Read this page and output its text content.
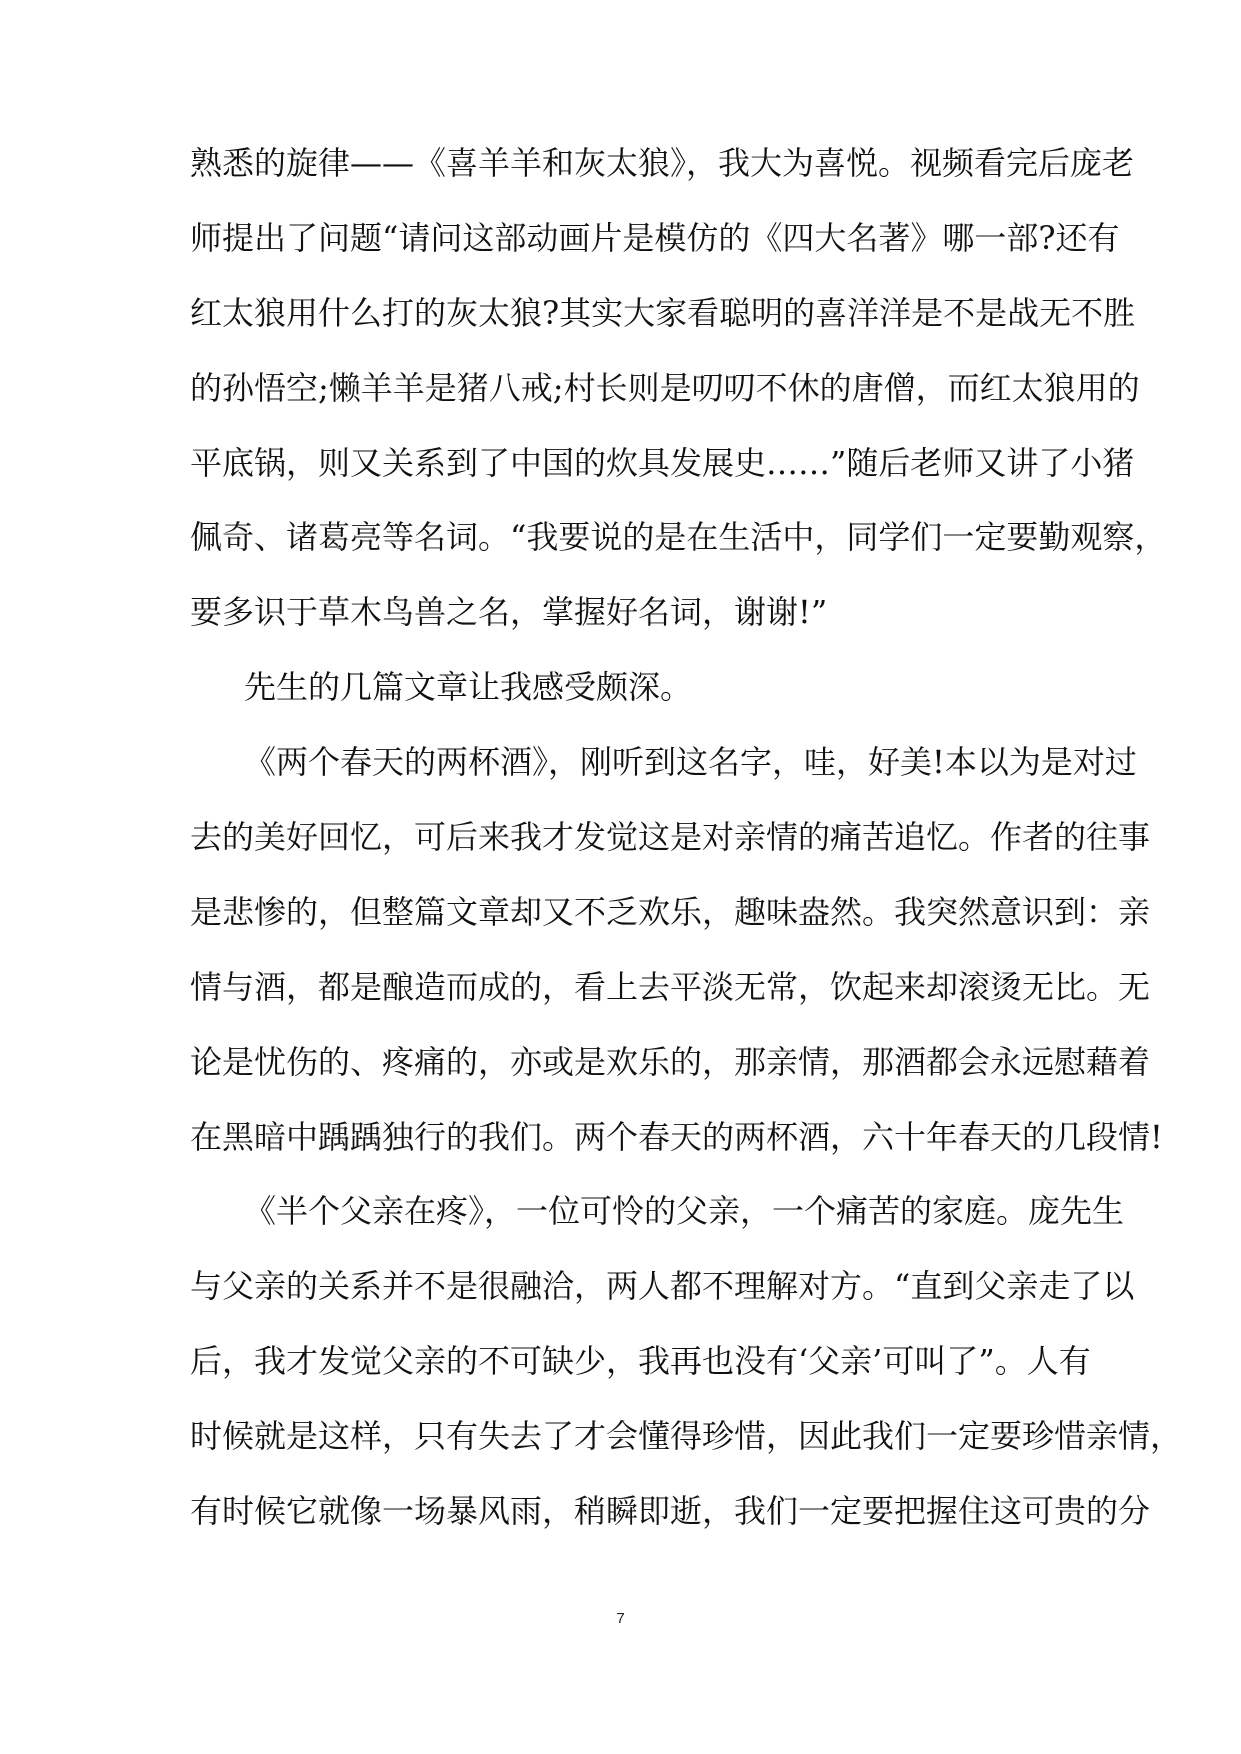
熟悉的旋律——《喜羊羊和灰太狼》，我大为喜悦。视频看完后庞老
师提出了问题“请问这部动画片是模仿的《四大名著》哪一部?还有
红太狼用什么打的灰太狼?其实大家看聪明的喜洋洋是不是战无不胜
的孙悟空;懒羊羊是猪八戒;村长则是叨叨不休的唐僧，而红太狼用的
平底锅，则又关系到了中国的炊具发展史……”随后老师又讲了小猪
佩奇、诸葛亮等名词。“我要说的是在生活中，同学们一定要勤观察，
要多识于草木鸟兽之名，掌握好名词，谢谢!”
先生的几篇文章让我感受颇深。
《两个春天的两杯酒》，刚听到这名字，哇，好美!本以为是对过
去的美好回忆，可后来我才发觉这是对亲情的痛苦追忆。作者的往事
是悲惨的，但整篇文章却又不乏欢乐，趣味盎然。我突然意识到：亲
情与酒，都是酿造而成的，看上去平淡无常，饮起来却滚烫无比。无
论是忧伤的、疼痛的，亦或是欢乐的，那亲情，那酒都会永远慰藉着
在黑暗中踽踽独行的我们。两个春天的两杯酒，六十年春天的几段情!
《半个父亲在疼》，一位可怜的父亲，一个痛苦的家庭。庞先生
与父亲的关系并不是很融洽，两人都不理解对方。“直到父亲走了以
后，我才发觉父亲的不可缺少，我再也没有‘父亲’可叫了”。人有
时候就是这样，只有失去了才会懂得珍惜，因此我们一定要珍惜亲情，
有时候它就像一场暴风雨，稍瞬即逝，我们一定要把握住这可贵的分
7
